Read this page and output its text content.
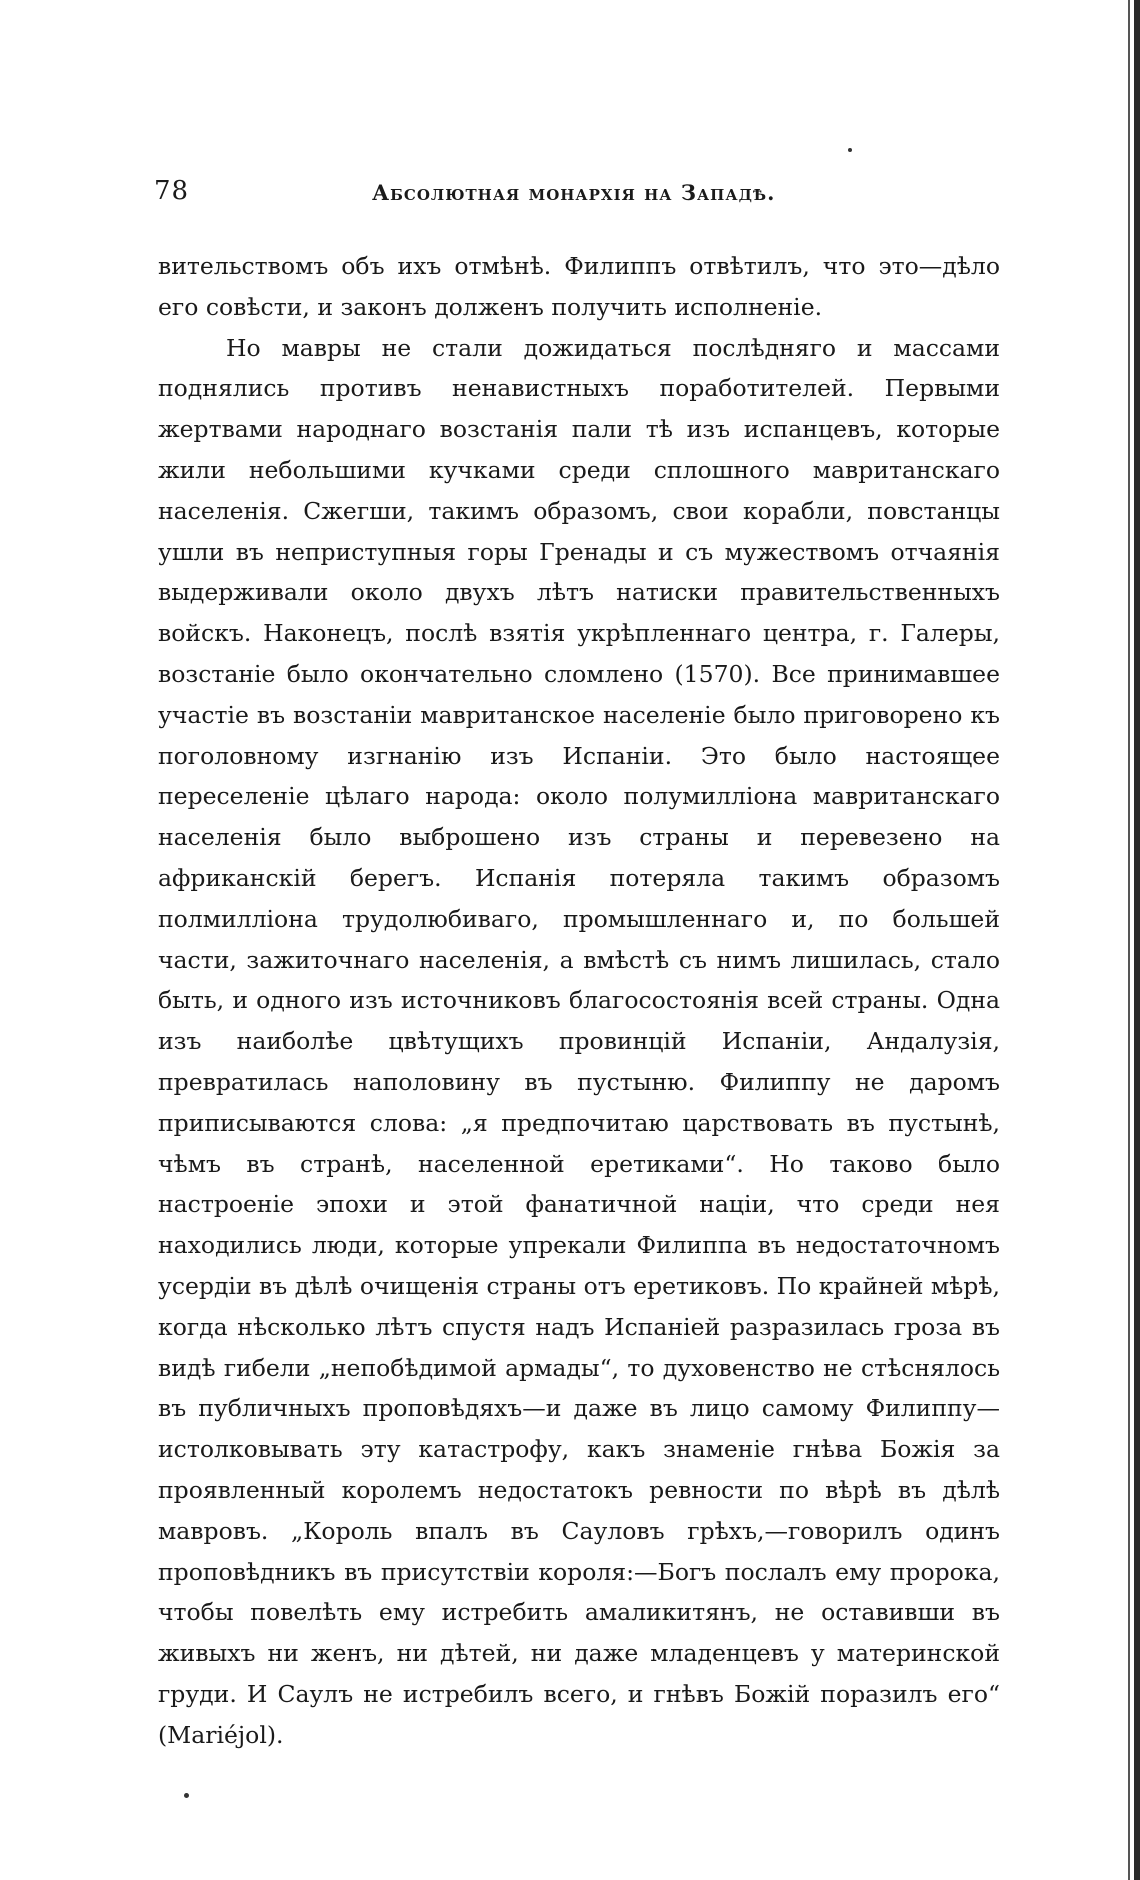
78	Абсолютная монархія на Западѣ.

вительствомъ объ ихъ отмѣнѣ. Филиппъ отвѣтилъ, что это—дѣло его совѣсти, и законъ долженъ получить исполненіе.

Но мавры не стали дожидаться послѣдняго и массами поднялись противъ ненавистныхъ поработителей. Первыми жертвами народнаго возстанія пали тѣ изъ испанцевъ, которые жили небольшими кучками среди сплошного мавританскаго населенія. Сжегши, такимъ образомъ, свои корабли, повстанцы ушли въ неприступныя горы Гренады и съ мужествомъ отчаянія выдерживали около двухъ лѣтъ натиски правительственныхъ войскъ. Наконецъ, послѣ взятія укрѣпленнаго центра, г. Галеры, возстаніе было окончательно сломлено (1570). Все принимавшее участіе въ возстаніи мавританское населеніе было приговорено къ поголовному изгнанію изъ Испаніи. Это было настоящее переселеніе цѣлаго народа: около полумилліона мавританскаго населенія было выброшено изъ страны и перевезено на африканскій берегъ. Испанія потеряла такимъ образомъ полмилліона трудолюбиваго, промышленнаго и, по большей части, зажиточнаго населенія, а вмѣстѣ съ нимъ лишилась, стало быть, и одного изъ источниковъ благосостоянія всей страны. Одна изъ наиболѣе цвѣтущихъ провинцій Испаніи, Андалузія, превратилась наполовину въ пустыню. Филиппу не даромъ приписываются слова: „я предпочитаю царствовать въ пустынѣ, чѣмъ въ странѣ, населенной еретиками“. Но таково было настроеніе эпохи и этой фанатичной націи, что среди нея находились люди, которые упрекали Филиппа въ недостаточномъ усердіи въ дѣлѣ очищенія страны отъ еретиковъ. По крайней мѣрѣ, когда нѣсколько лѣтъ спустя надъ Испаніей разразилась гроза въ видѣ гибели „непобѣдимой армады“, то духовенство не стѣснялось въ публичныхъ проповѣдяхъ—и даже въ лицо самому Филиппу—истолковывать эту катастрофу, какъ знаменіе гнѣва Божія за проявленный королемъ недостатокъ ревности по вѣрѣ въ дѣлѣ мавровъ. „Король впалъ въ Сауловъ грѣхъ,—говорилъ одинъ проповѣдникъ въ присутствіи короля:—Богъ послалъ ему пророка, чтобы повелѣть ему истребить амаликитянъ, не оставивши въ живыхъ ни женъ, ни дѣтей, ни даже младенцевъ у материнской груди. И Саулъ не истребилъ всего, и гнѣвъ Божій поразилъ его“ (Mariéjol).
